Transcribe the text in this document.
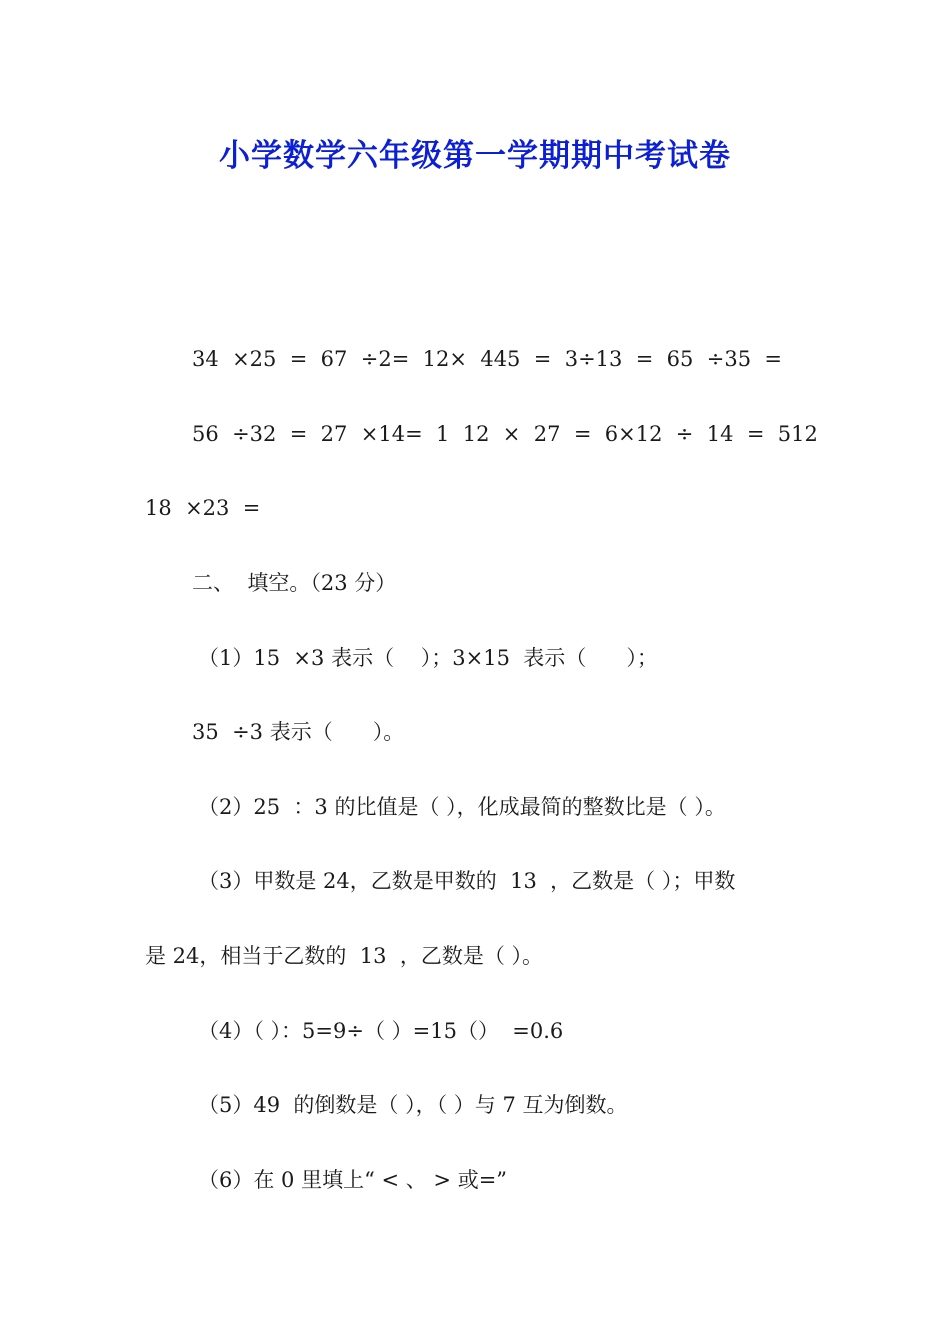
小学数学六年级第一学期期中考试卷
34  ×25  =  67  ÷2=  12×  445  =  3÷13  =  65  ÷35  =
56  ÷32  =  27  ×14=  1  12  ×  27  =  6×12  ÷  14  =  512
18  ×23  =
二、  填空。（23 分）
（1）15  ×3 表示（    ）；3×15  表示（      ）；
35  ÷3 表示（      ）。
（2）25  ：3 的比值是（ ），化成最简的整数比是（ ）。
（3）甲数是 24，乙数是甲数的  13  ，乙数是（ ）；甲数
是 24，相当于乙数的  13  ，乙数是（ ）。
（4）（ ）：5=9÷（ ）=15（）  =0.6
（5）49  的倒数是（ ），（ ）与 7 互为倒数。
（6）在 0 里填上“ < 、 > 或=”
